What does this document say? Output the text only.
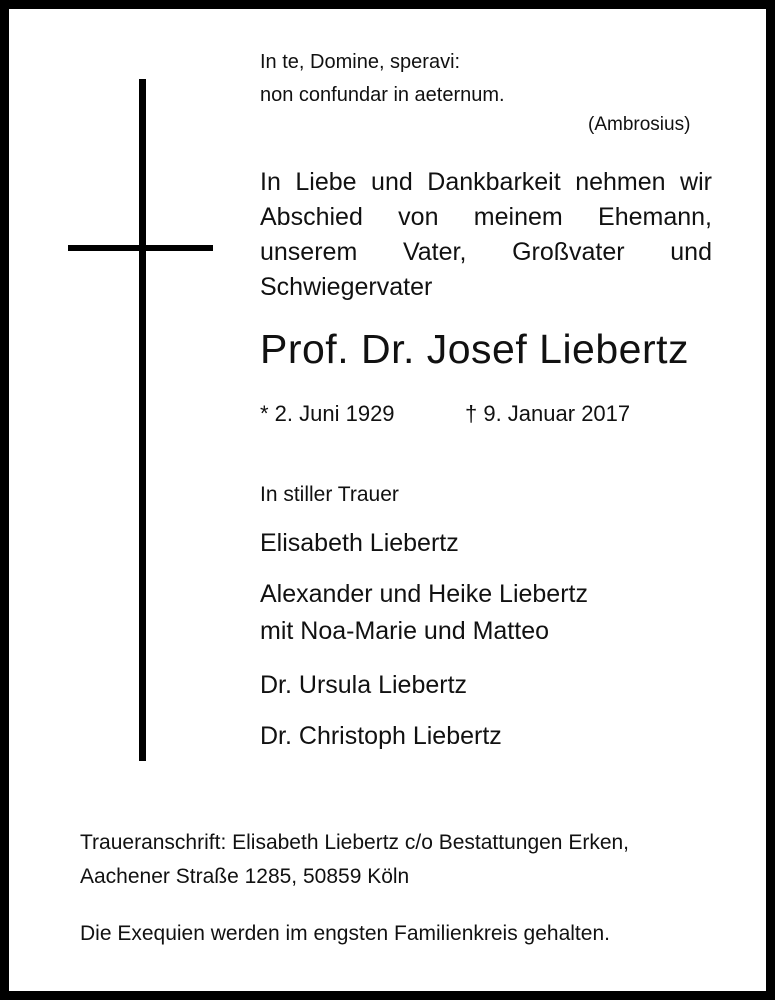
In te, Domine, speravi:

non confundar in aeternum.

(Ambrosius)

In Liebe und Dankbarkeit nehmen wir
Abschied von meinem Ehemann,
unserem Vater, Großvater und
Schwiegervater

Prof. Dr. Josef Liebertz

* 2. Juni 1929	† 9. Januar 2017

In stiller Trauer

Elisabeth Liebertz

Alexander und Heike Liebertz

mit Noa-Marie und Matteo

Dr. Ursula Liebertz

Dr. Christoph Liebertz

Traueranschrift: Elisabeth Liebertz c/o Bestattungen Erken,

Aachener Straße 1285, 50859 Köln

Die Exequien werden im engsten Familienkreis gehalten.
